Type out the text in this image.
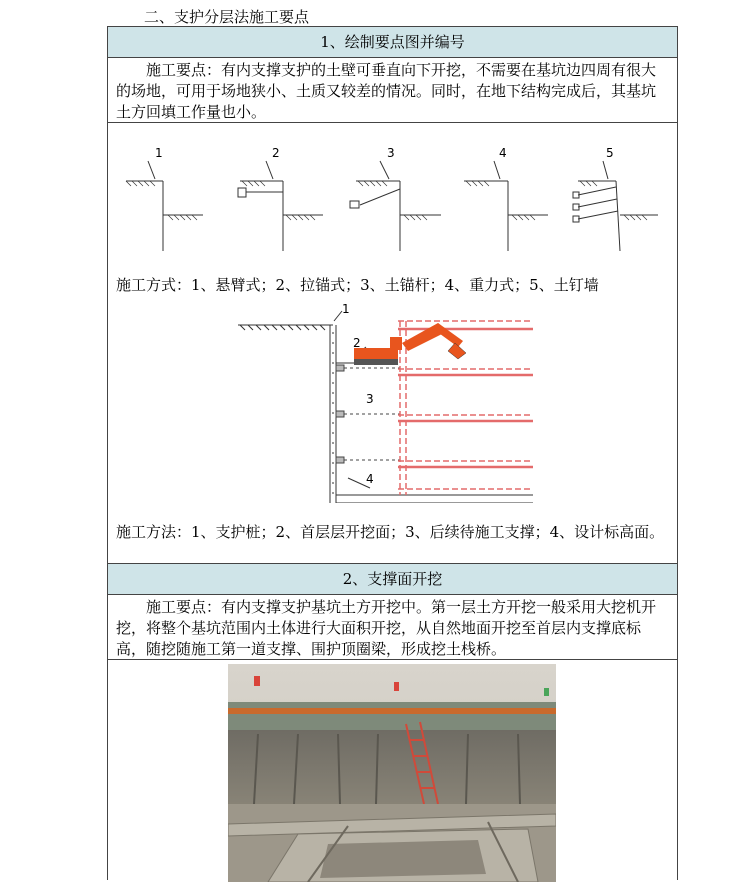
二、支护分层法施工要点
1、绘制要点图并编号
施工要点：有内支撑支护的土壁可垂直向下开挖，不需要在基坑边四周有很大的场地，可用于场地狭小、土质又较差的情况。同时，在地下结构完成后，其基坑土方回填工作量也小。
1	2	3	4	5
施工方式：1、悬臂式；2、拉锚式；3、土锚杆；4、重力式；5、土钉墙
1
2
3
4
施工方法：1、支护桩；2、首层层开挖面；3、后续待施工支撑；4、设计标高面。
2、支撑面开挖
施工要点：有内支撑支护基坑土方开挖中。第一层土方开挖一般采用大挖机开挖，将整个基坑范围内土体进行大面积开挖，从自然地面开挖至首层内支撑底标高，随挖随施工第一道支撑、围护顶圈梁，形成挖土栈桥。
